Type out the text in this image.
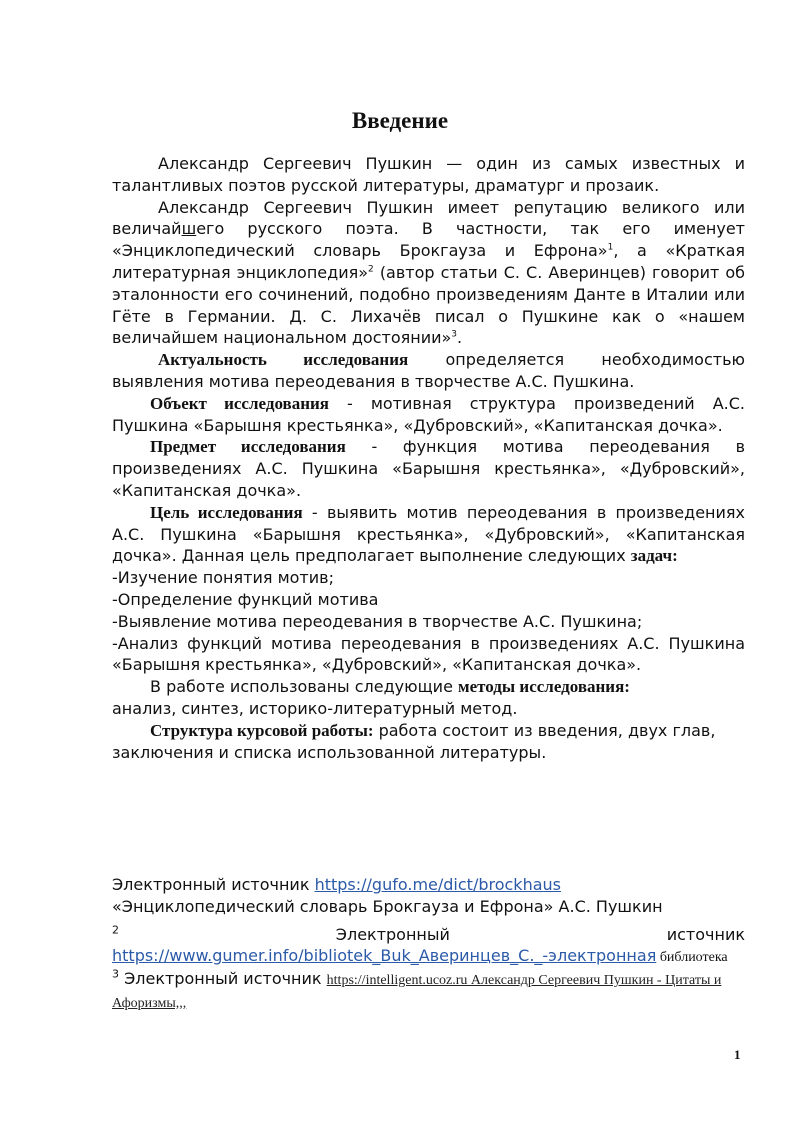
Введение

Александр Сергеевич Пушкин — один из самых известных и талантливых поэтов русской литературы, драматург и прозаик.

Александр Сергеевич Пушкин имеет репутацию великого или величайшего русского поэта. В частности, так его именует «Энциклопедический словарь Брокгауза и Ефрона»$^1$, а «Краткая литературная энциклопедия»$^2$ (автор статьи С. С. Аверинцев) говорит об эталонности его сочинений, подобно произведениям Данте в Италии или Гёте в Германии. Д. С. Лихачёв писал о Пушкине как о «нашем величайшем национальном достоянии»$^3$.

Актуальность исследования определяется необходимостью выявления мотива переодевания в творчестве А.С. Пушкина.

Объект исследования - мотивная структура произведений А.С. Пушкина «Барышня крестьянка», «Дубровский», «Капитанская дочка».

Предмет исследования - функция мотива переодевания в произведениях А.С. Пушкина «Барышня крестьянка», «Дубровский», «Капитанская дочка».

Цель исследования - выявить мотив переодевания в произведениях А.С. Пушкина «Барышня крестьянка», «Дубровский», «Капитанская дочка». Данная цель предполагает выполнение следующих задач:

-Изучение понятия мотив;

-Определение функций мотива

-Выявление мотива переодевания в творчестве А.С. Пушкина;

-Анализ функций мотива переодевания в произведениях А.С. Пушкина «Барышня крестьянка», «Дубровский», «Капитанская дочка».

В работе использованы следующие методы исследования:

анализ, синтез, историко-литературный метод.

Структура курсовой работы: работа состоит из введения, двух глав, заключения и списка использованной литературы.

Электронный источник https://gufo.me/dict/brockhaus
«Энциклопедический словарь Брокгауза и Ефрона» А.С. Пушкин
$^2$ Электронный источник https://www.gumer.info/bibliotek_Buk_Аверинцев_С._-электронная библиотека
$^3$ Электронный источник https://intelligent.ucoz.ru Александр Сергеевич Пушкин - Цитаты и Афоризмы,,,
1
